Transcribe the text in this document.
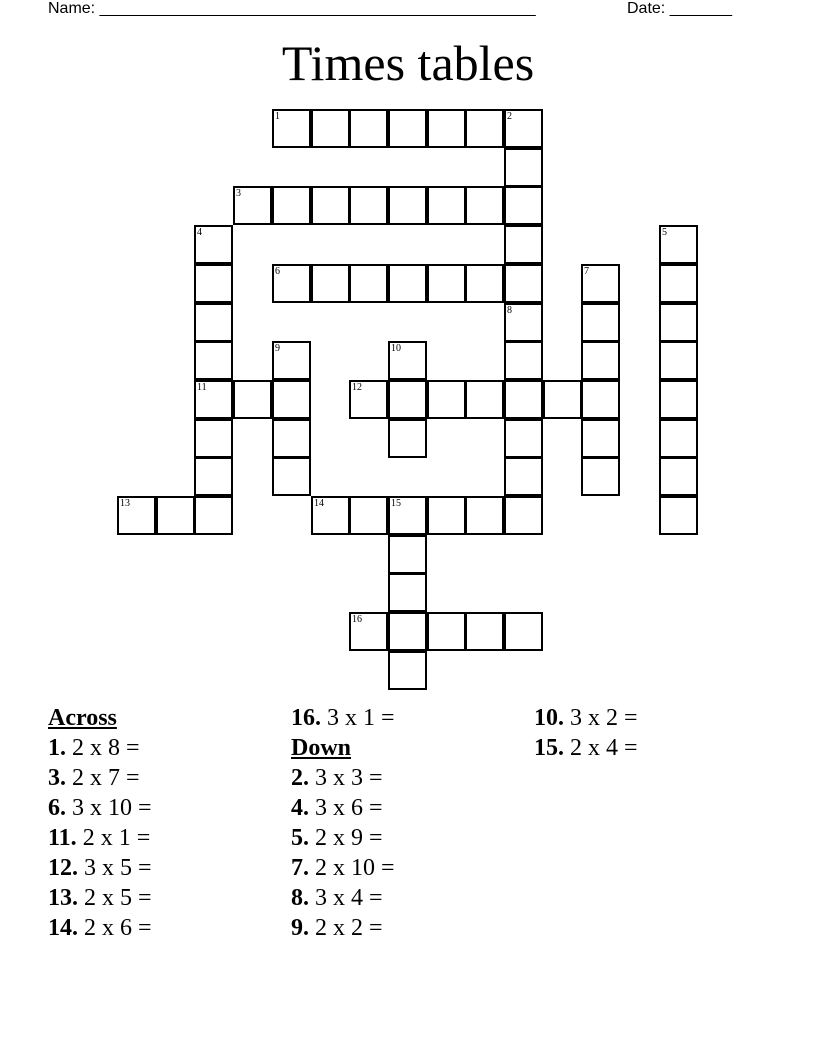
Name: _________________________________________________	Date: _______
Times tables
1	2
3
4
11
5
6	7
8
9	10
12
13	14	15
16
Across
1. 2 x 8 =
3. 2 x 7 =
6. 3 x 10 =
11. 2 x 1 =
12. 3 x 5 =
13. 2 x 5 =
14. 2 x 6 =
16. 3 x 1 =
Down
2. 3 x 3 =
4. 3 x 6 =
5. 2 x 9 =
7. 2 x 10 =
8. 3 x 4 =
9. 2 x 2 =
10. 3 x 2 =
15. 2 x 4 =
